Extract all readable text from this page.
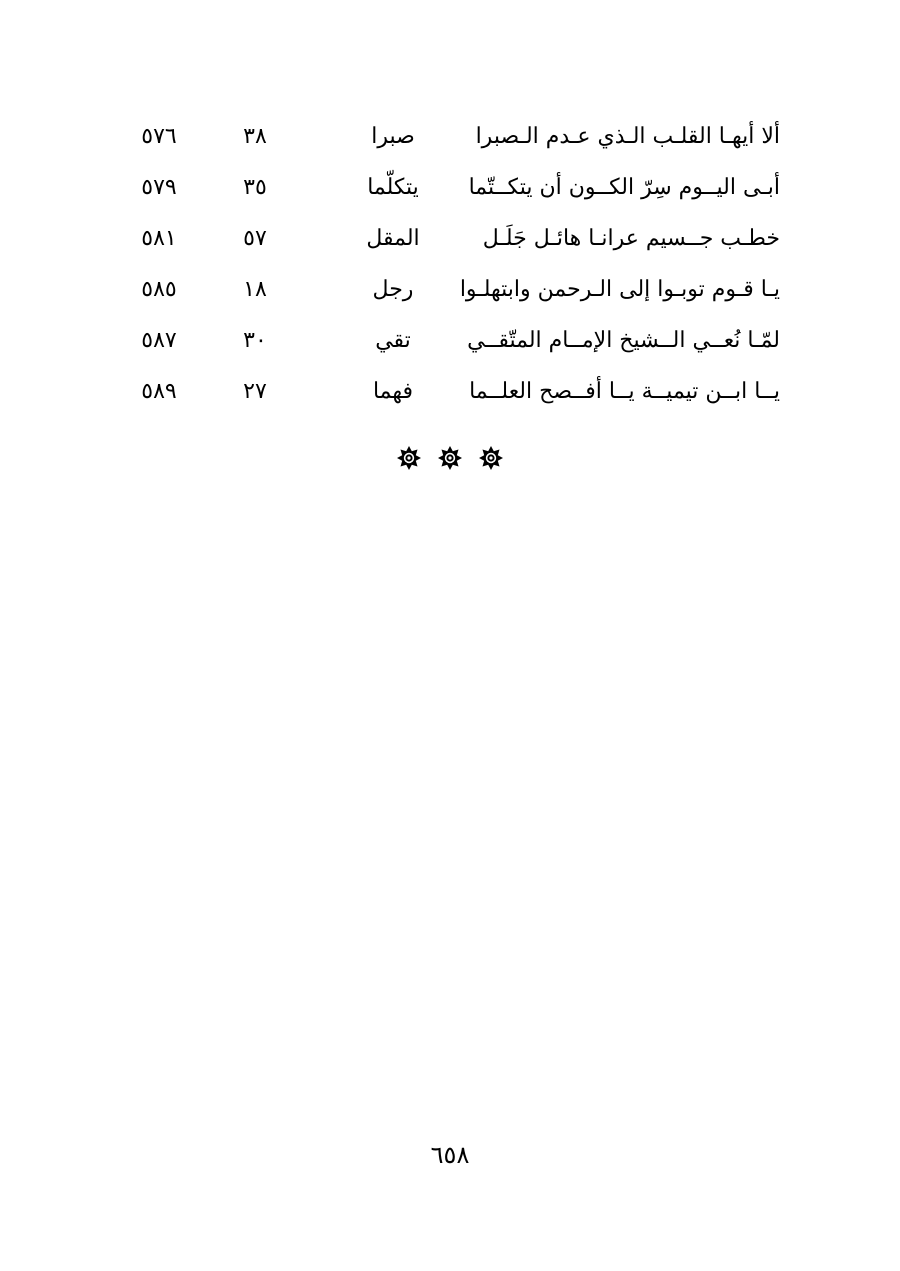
ألا أيهـا القلـب الـذي عـدم الـصبرا
صبرا
٣٨
٥٧٦
أبـى اليــوم سِرّ الكــون أن يتكــتّما
يتكلّما
٣٥
٥٧٩
خطـب جــسيم عرانـا هائـل جَلَـل
المقل
٥٧
٥٨١
يـا قـوم توبـوا إلى الـرحمن وابتهلـوا
رجل
١٨
٥٨٥
لمّـا نُعــي الــشيخ الإمــام المتّقــي
تقي
٣٠
٥٨٧
يــا ابــن تيميــة يــا أفــصح العلــما
فهما
٢٧
٥٨٩

٦٥٨
